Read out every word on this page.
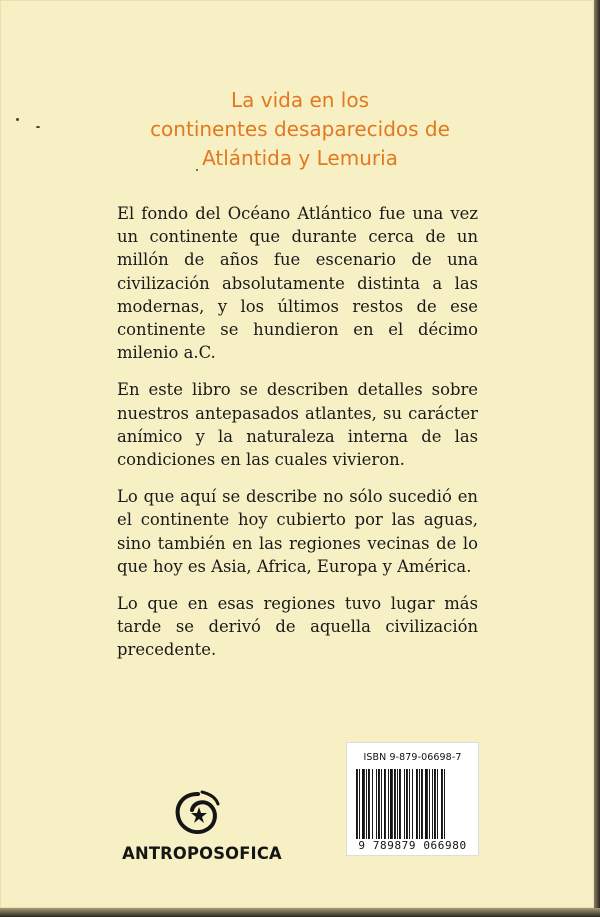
La vida en los
continentes desaparecidos de
Atlántida y Lemuria

El fondo del Océano Atlántico fue una vez un continente que durante cerca de un millón de años fue escenario de una civilización absolutamente distinta a las modernas, y los últimos restos de ese continente se hundieron en el décimo milenio a.C.

En este libro se describen detalles sobre nuestros antepasados atlantes, su carácter anímico y la naturaleza interna de las condiciones en las cuales vivieron.

Lo que aquí se describe no sólo sucedió en el continente hoy cubierto por las aguas, sino también en las regiones vecinas de lo que hoy es Asia, Africa, Europa y América.

Lo que en esas regiones tuvo lugar más tarde se derivó de aquella civilización precedente.

ANTROPOSOFICA
ISBN 9-879-06698-7
9 789879 066980
